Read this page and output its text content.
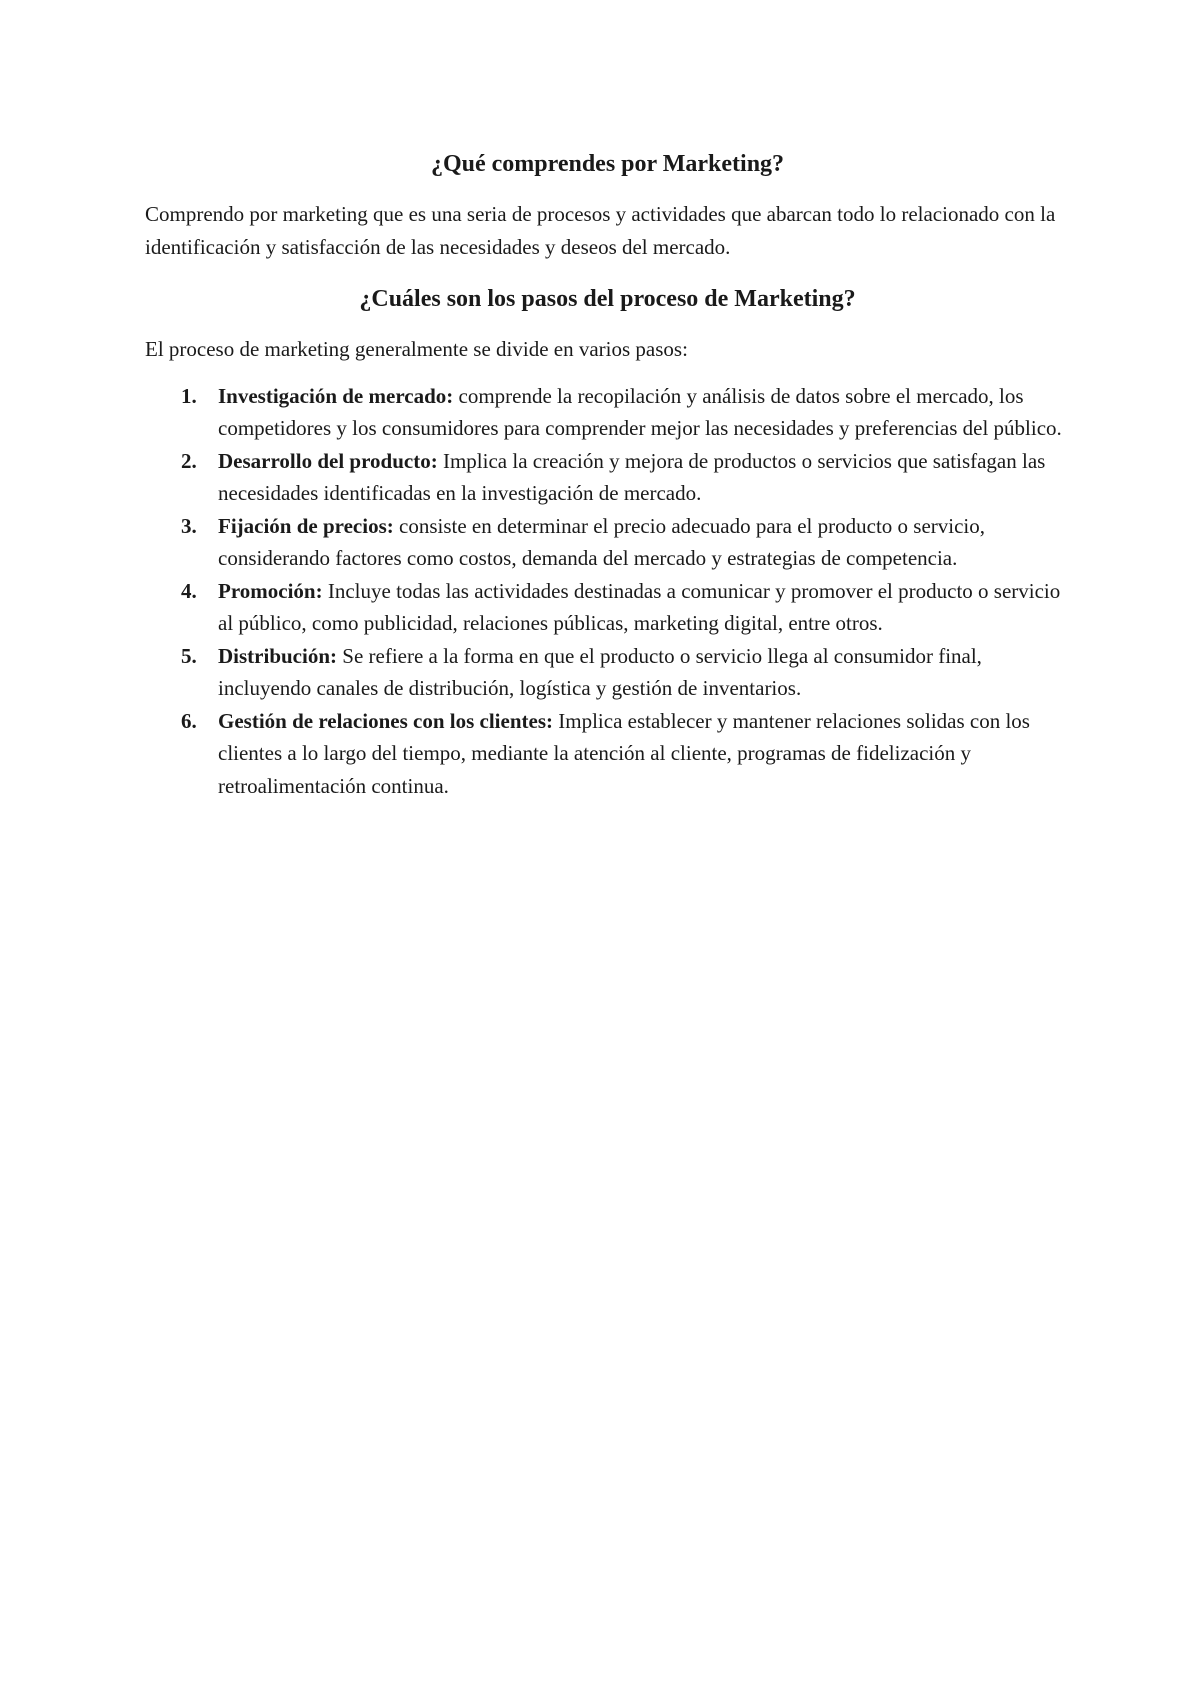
¿Qué comprendes por Marketing?

Comprendo por marketing que es una seria de procesos y actividades que abarcan todo lo relacionado con la identificación y satisfacción de las necesidades y deseos del mercado.

¿Cuáles son los pasos del proceso de Marketing?

El proceso de marketing generalmente se divide en varios pasos:

1. Investigación de mercado: comprende la recopilación y análisis de datos sobre el mercado, los competidores y los consumidores para comprender mejor las necesidades y preferencias del público.
2. Desarrollo del producto: Implica la creación y mejora de productos o servicios que satisfagan las necesidades identificadas en la investigación de mercado.
3. Fijación de precios: consiste en determinar el precio adecuado para el producto o servicio, considerando factores como costos, demanda del mercado y estrategias de competencia.
4. Promoción: Incluye todas las actividades destinadas a comunicar y promover el producto o servicio al público, como publicidad, relaciones públicas, marketing digital, entre otros.
5. Distribución: Se refiere a la forma en que el producto o servicio llega al consumidor final, incluyendo canales de distribución, logística y gestión de inventarios.
6. Gestión de relaciones con los clientes: Implica establecer y mantener relaciones solidas con los clientes a lo largo del tiempo, mediante la atención al cliente, programas de fidelización y retroalimentación continua.
